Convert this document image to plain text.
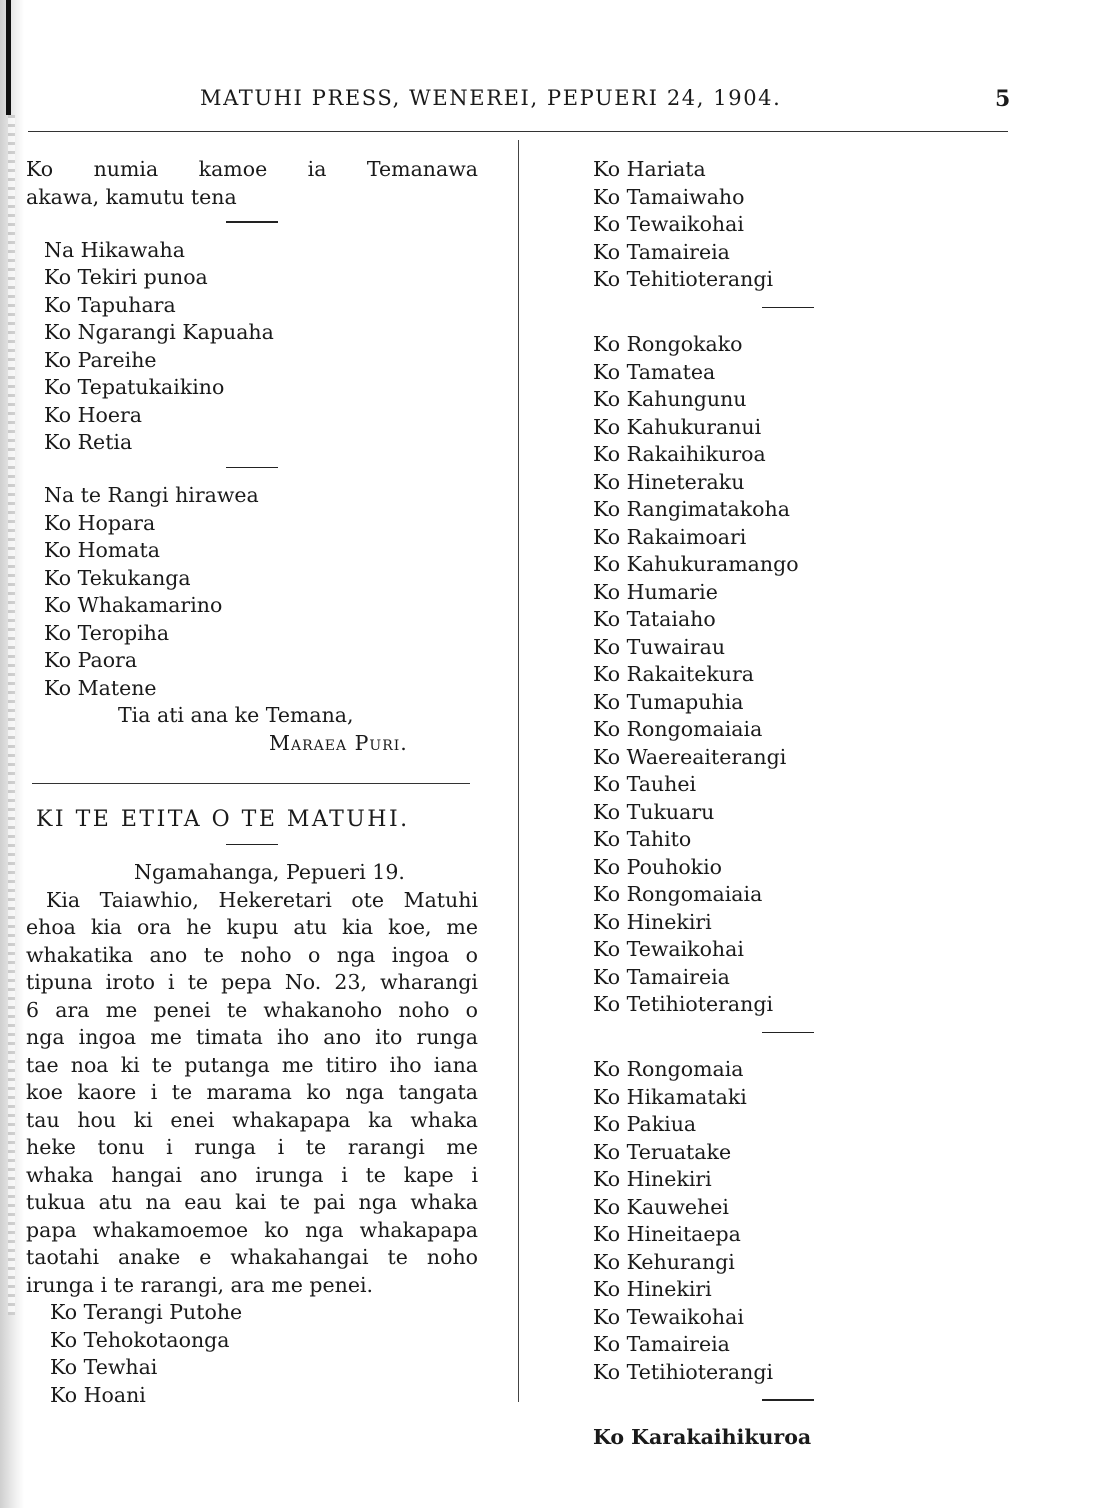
MATUHI PRESS, WENEREI, PEPUERI 24, 1904.	5
Ko numia kamoe ia Temanawa
akawa, kamutu tena
Na Hikawaha
Ko Tekiri punoa
Ko Tapuhara
Ko Ngarangi Kapuaha
Ko Pareihe
Ko Tepatukaikino
Ko Hoera
Ko Retia
Na te Rangi hirawea
Ko Hopara
Ko Homata
Ko Tekukanga
Ko Whakamarino
Ko Teropiha
Ko Paora
Ko Matene
Tia ati ana ke Temana,
Maraea Puri.
KI TE ETITA O TE MATUHI.
Ngamahanga, Pepueri 19.
Kia Taiawhio, Hekeretari ote Matuhi
ehoa kia ora he kupu atu kia koe, me
whakatika ano te noho o nga ingoa o
tipuna iroto i te pepa No. 23, wharangi
6 ara me penei te whakanoho noho o
nga ingoa me timata iho ano ito runga
tae noa ki te putanga me titiro iho iana
koe kaore i te marama ko nga tangata
tau hou ki enei whakapapa ka whaka
heke tonu i runga i te rarangi me
whaka hangai ano irunga i te kape i
tukua atu na eau kai te pai nga whaka
papa whakamoemoe ko nga whakapapa
taotahi anake e whakahangai te noho
irunga i te rarangi, ara me penei.
Ko Terangi Putohe
Ko Tehokotaonga
Ko Tewhai
Ko Hoani
Ko Hariata
Ko Tamaiwaho
Ko Tewaikohai
Ko Tamaireia
Ko Tehitioterangi
Ko Rongokako
Ko Tamatea
Ko Kahungunu
Ko Kahukuranui
Ko Rakaihikuroa
Ko Hineteraku
Ko Rangimatakoha
Ko Rakaimoari
Ko Kahukuramango
Ko Humarie
Ko Tataiaho
Ko Tuwairau
Ko Rakaitekura
Ko Tumapuhia
Ko Rongomaiaia
Ko Waereaiterangi
Ko Tauhei
Ko Tukuaru
Ko Tahito
Ko Pouhokio
Ko Rongomaiaia
Ko Hinekiri
Ko Tewaikohai
Ko Tamaireia
Ko Tetihioterangi
Ko Rongomaia
Ko Hikamataki
Ko Pakiua
Ko Teruatake
Ko Hinekiri
Ko Kauwehei
Ko Hineitaepa
Ko Kehurangi
Ko Hinekiri
Ko Tewaikohai
Ko Tamaireia
Ko Tetihioterangi
Ko Karakaihikuroa
